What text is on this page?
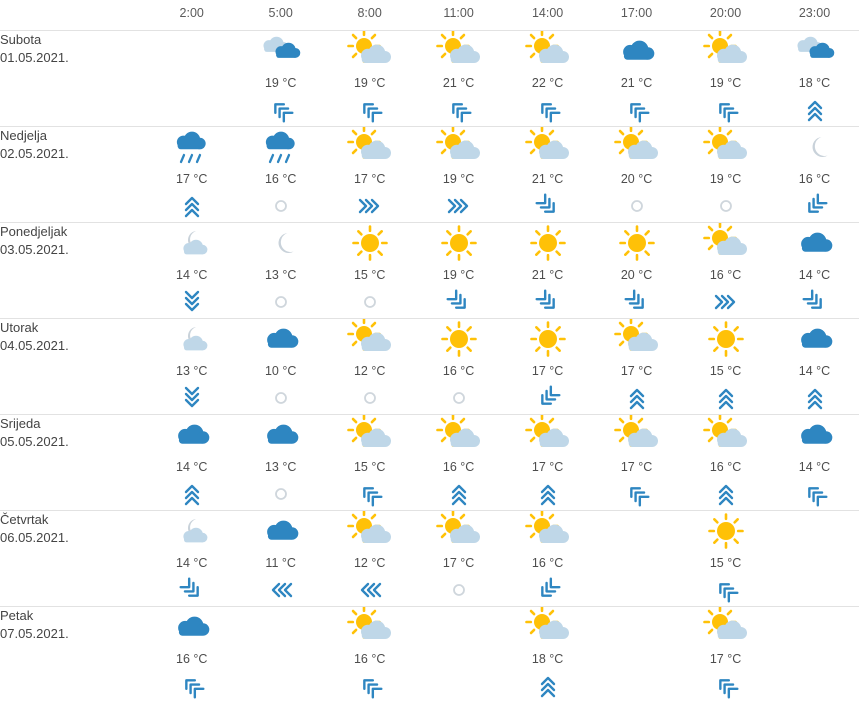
	2:00	5:00	8:00	11:00	14:00	17:00	20:00	23:00

Subota
01.05.2021.		19 °C	19 °C	21 °C	22 °C	21 °C	19 °C	18 °C

Nedjelja
02.05.2021.	17 °C	16 °C	17 °C	19 °C	21 °C	20 °C	19 °C	16 °C

Ponedjeljak
03.05.2021.	14 °C	13 °C	15 °C	19 °C	21 °C	20 °C	16 °C	14 °C

Utorak
04.05.2021.	13 °C	10 °C	12 °C	16 °C	17 °C	17 °C	15 °C	14 °C

Srijeda
05.05.2021.	14 °C	13 °C	15 °C	16 °C	17 °C	17 °C	16 °C	14 °C

Četvrtak
06.05.2021.	14 °C	11 °C	12 °C	17 °C	16 °C		15 °C	

Petak
07.05.2021.	16 °C		16 °C		18 °C		17 °C	
